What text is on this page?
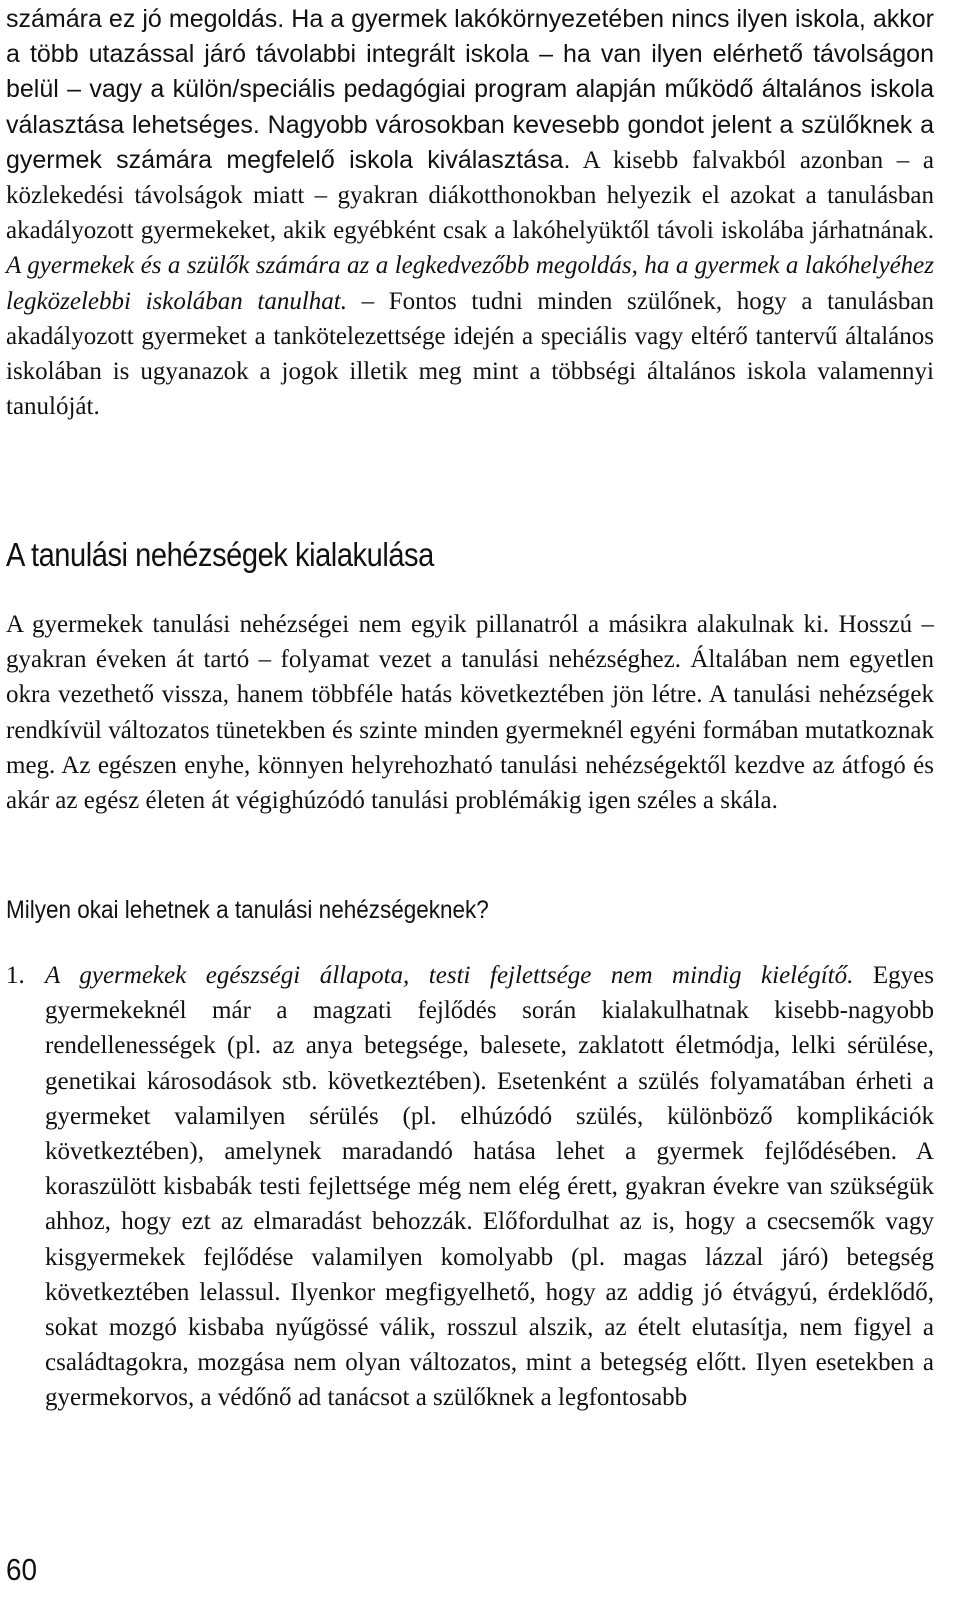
számára ez jó megoldás. Ha a gyermek lakókörnyezetében nincs ilyen iskola, akkor a több utazással járó távolabbi integrált iskola – ha van ilyen elérhető távolságon belül – vagy a külön/speciális pedagógiai program alapján működő általános iskola választása lehetséges. Nagyobb városokban kevesebb gondot jelent a szülőknek a gyermek számára megfelelő iskola kiválasztása. A kisebb falvakból azonban – a közlekedési távolságok miatt – gyakran diákotthonokban helyezik el azokat a tanulásban akadályozott gyermekeket, akik egyébként csak a lakóhelyüktől távoli iskolába járhatnának. A gyermekek és a szülők számára az a legkedvezőbb megoldás, ha a gyermek a lakóhelyéhez legközelebbi iskolában tanulhat. – Fontos tudni minden szülőnek, hogy a tanulásban akadályozott gyermeket a tankötelezettsége idején a speciális vagy eltérő tantervű általános iskolában is ugyanazok a jogok illetik meg mint a többségi általános iskola valamennyi tanulóját.

A tanulási nehézségek kialakulása

A gyermekek tanulási nehézségei nem egyik pillanatról a másikra alakulnak ki. Hosszú – gyakran éveken át tartó – folyamat vezet a tanulási nehézséghez. Általában nem egyetlen okra vezethető vissza, hanem többféle hatás következtében jön létre. A tanulási nehézségek rendkívül változatos tünetekben és szinte minden gyermeknél egyéni formában mutatkoznak meg. Az egészen enyhe, könnyen helyrehozható tanulási nehézségektől kezdve az átfogó és akár az egész életen át végighúzódó tanulási problémákig igen széles a skála.

Milyen okai lehetnek a tanulási nehézségeknek?
1. A gyermekek egészségi állapota, testi fejlettsége nem mindig kielégítő. Egyes gyermekeknél már a magzati fejlődés során kialakulhatnak kisebb-nagyobb rendellenességek (pl. az anya betegsége, balesete, zaklatott életmódja, lelki sérülése, genetikai károsodások stb. következtében). Esetenként a szülés folyamatában érheti a gyermeket valamilyen sérülés (pl. elhúzódó szülés, különböző komplikációk következtében), amelynek maradandó hatása lehet a gyermek fejlődésében. A koraszülött kisbabák testi fejlettsége még nem elég érett, gyakran évekre van szükségük ahhoz, hogy ezt az elmaradást behozzák. Előfordulhat az is, hogy a csecsemők vagy kisgyermekek fejlődése valamilyen komolyabb (pl. magas lázzal járó) betegség következtében lelassul. Ilyenkor megfigyelhető, hogy az addig jó étvágyú, érdeklődő, sokat mozgó kisbaba nyűgössé válik, rosszul alszik, az ételt elutasítja, nem figyel a családtagokra, mozgása nem olyan változatos, mint a betegség előtt. Ilyen esetekben a gyermekorvos, a védőnő ad tanácsot a szülőknek a legfontosabb

60
